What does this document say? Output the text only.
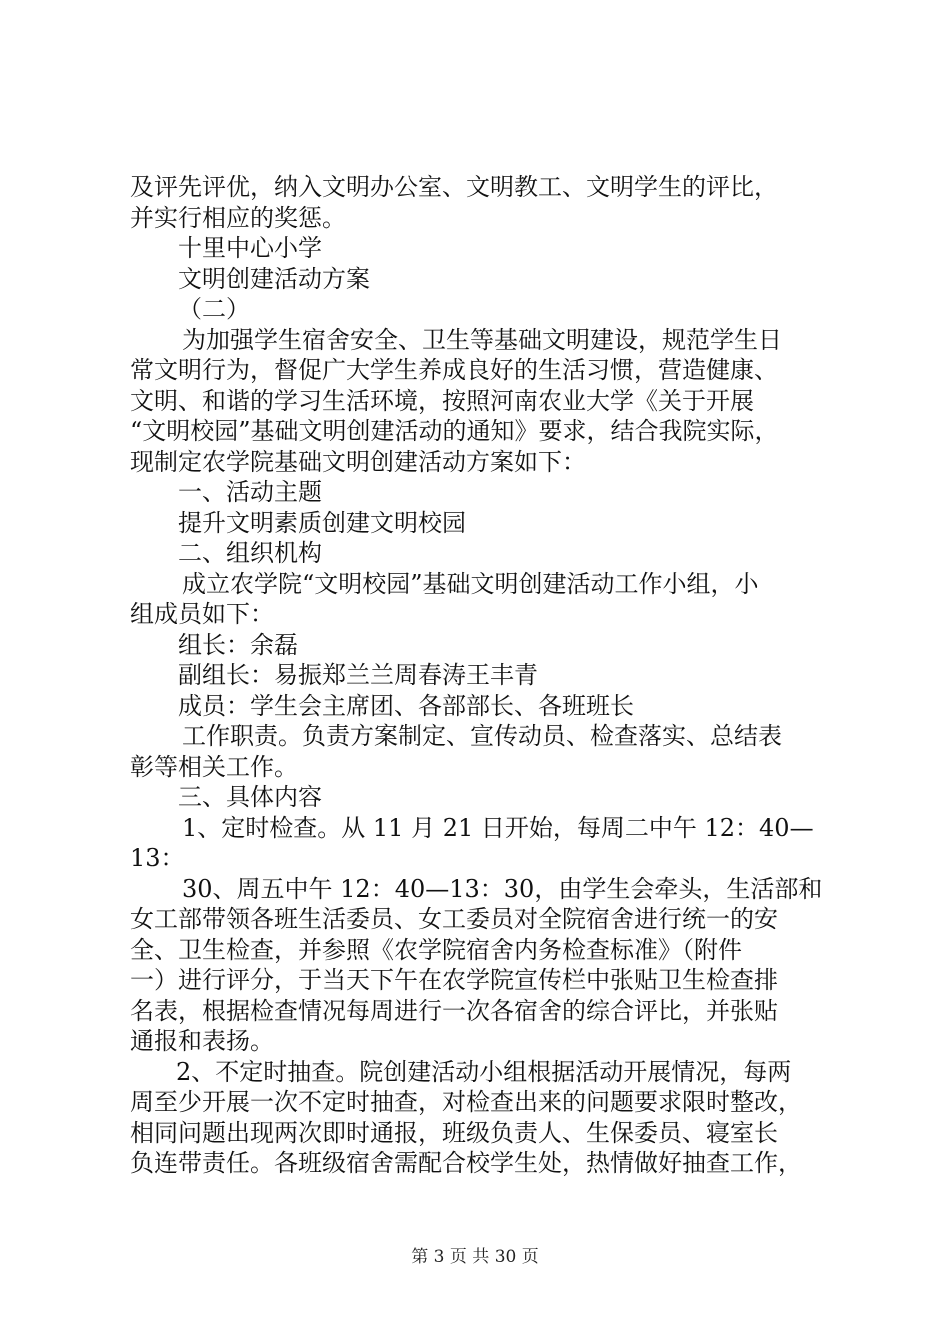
及评先评优，纳入文明办公室、文明教工、文明学生的评比，
并实行相应的奖惩。
十里中心小学
文明创建活动方案
（二）
为加强学生宿舍安全、卫生等基础文明建设，规范学生日
常文明行为，督促广大学生养成良好的生活习惯，营造健康、
文明、和谐的学习生活环境，按照河南农业大学《关于开展
“文明校园”基础文明创建活动的通知》要求，结合我院实际，
现制定农学院基础文明创建活动方案如下：
一、活动主题
提升文明素质创建文明校园
二、组织机构
成立农学院“文明校园”基础文明创建活动工作小组，小
组成员如下：
组长：余磊
副组长：易振郑兰兰周春涛王丰青
成员：学生会主席团、各部部长、各班班长
工作职责。负责方案制定、宣传动员、检查落实、总结表
彰等相关工作。
三、具体内容
1、定时检查。从 11 月 21 日开始，每周二中午 12：40—
13：
30、周五中午 12：40—13：30，由学生会牵头，生活部和
女工部带领各班生活委员、女工委员对全院宿舍进行统一的安
全、卫生检查，并参照《农学院宿舍内务检查标准》（附件
一）进行评分，于当天下午在农学院宣传栏中张贴卫生检查排
名表，根据检查情况每周进行一次各宿舍的综合评比，并张贴
通报和表扬。
2、不定时抽查。院创建活动小组根据活动开展情况，每两
周至少开展一次不定时抽查，对检查出来的问题要求限时整改，
相同问题出现两次即时通报，班级负责人、生保委员、寝室长
负连带责任。各班级宿舍需配合校学生处，热情做好抽查工作，
第 3 页 共 30 页
